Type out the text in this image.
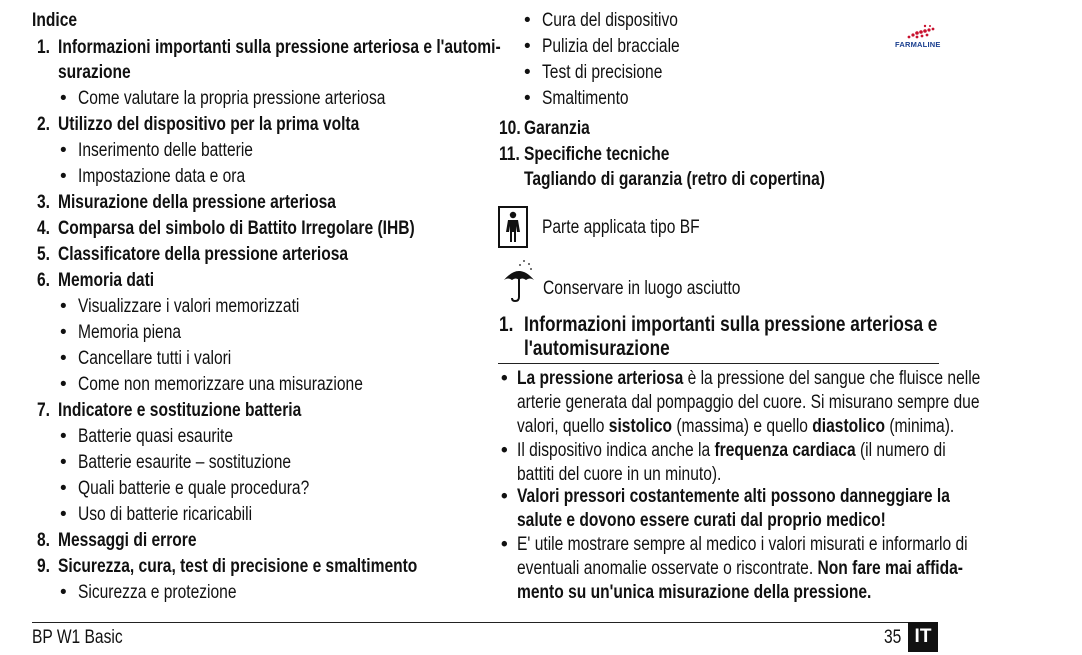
FARMALINE
Indice
1. Informazioni importanti sulla pressione arteriosa e l'automi-
surazione
• Come valutare la propria pressione arteriosa
2. Utilizzo del dispositivo per la prima volta
• Inserimento delle batterie
• Impostazione data e ora
3. Misurazione della pressione arteriosa
4. Comparsa del simbolo di Battito Irregolare (IHB)
5. Classificatore della pressione arteriosa
6. Memoria dati
• Visualizzare i valori memorizzati
• Memoria piena
• Cancellare tutti i valori
• Come non memorizzare una misurazione
7. Indicatore e sostituzione batteria
• Batterie quasi esaurite
• Batterie esaurite – sostituzione
• Quali batterie e quale procedura?
• Uso di batterie ricaricabili
8. Messaggi di errore
9. Sicurezza, cura, test di precisione e smaltimento
• Sicurezza e protezione
• Cura del dispositivo
• Pulizia del bracciale
• Test di precisione
• Smaltimento
10. Garanzia
11. Specifiche tecniche
Tagliando di garanzia (retro di copertina)
Parte applicata tipo BF
Conservare in luogo asciutto
1. Informazioni importanti sulla pressione arteriosa e
l'automisurazione
• La pressione arteriosa è la pressione del sangue che fluisce nelle
arterie generata dal pompaggio del cuore. Si misurano sempre due
valori, quello sistolico (massima) e quello diastolico (minima).
• Il dispositivo indica anche la frequenza cardiaca (il numero di
battiti del cuore in un minuto).
• Valori pressori costantemente alti possono danneggiare la
salute e dovono essere curati dal proprio medico!
• E' utile mostrare sempre al medico i valori misurati e informarlo di
eventuali anomalie osservate o riscontrate. Non fare mai affida-
mento su un'unica misurazione della pressione.
BP W1 Basic	35 IT
